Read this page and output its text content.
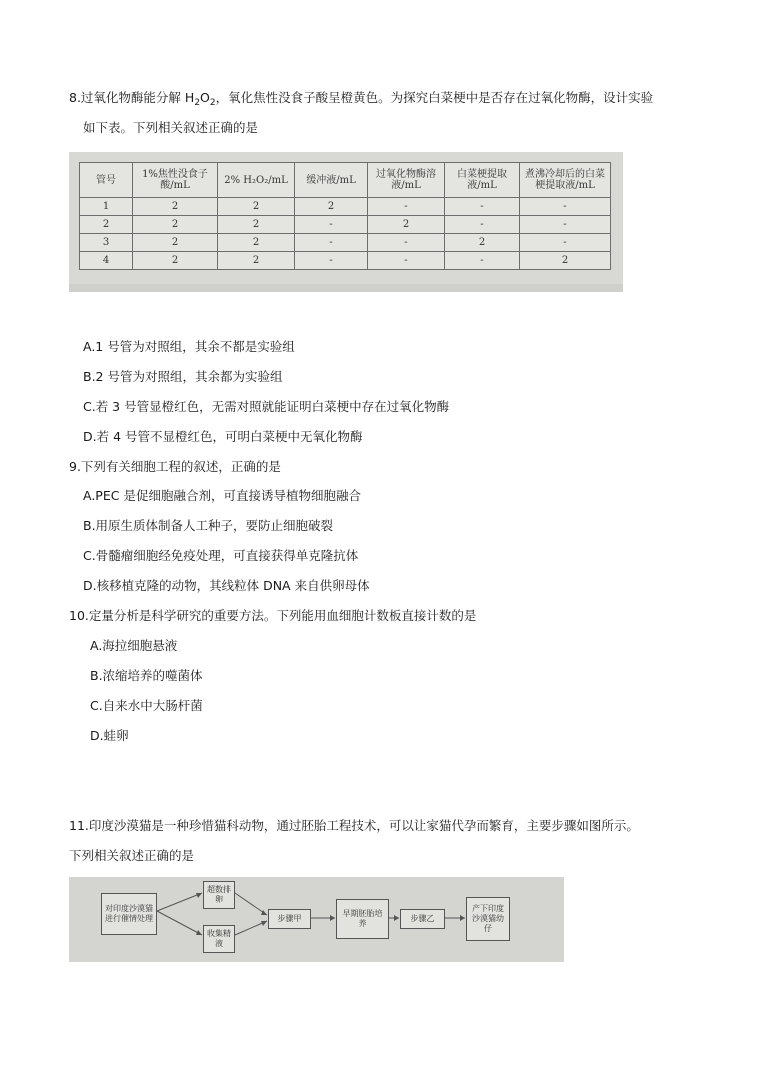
8.过氧化物酶能分解 $H_2O_2$，氧化焦性没食子酸呈橙黄色。为探究白菜梗中是否存在过氧化物酶，设计实验
如下表。下列相关叙述正确的是
管号	1%焦性没食子酸/mL	2% H₂O₂/mL	缓冲液/mL	过氧化物酶溶液/mL	白菜梗提取液/mL	煮沸冷却后的白菜梗提取液/mL
1	2	2	2	-	-	-
2	2	2	-	2	-	-
3	2	2	-	-	2	-
4	2	2	-	-	-	2
A.1 号管为对照组，其余不都是实验组
B.2 号管为对照组，其余都为实验组
C.若 3 号管显橙红色，无需对照就能证明白菜梗中存在过氧化物酶
D.若 4 号管不显橙红色，可明白菜梗中无氧化物酶
9.下列有关细胞工程的叙述，正确的是
A.PEC 是促细胞融合剂，可直接诱导植物细胞融合
B.用原生质体制备人工种子，要防止细胞破裂
C.骨髓瘤细胞经免疫处理，可直接获得单克隆抗体
D.核移植克隆的动物，其线粒体 DNA 来自供卵母体
10.定量分析是科学研究的重要方法。下列能用血细胞计数板直接计数的是
A.海拉细胞悬液
B.浓缩培养的噬菌体
C.自来水中大肠杆菌
D.蛙卵
11.印度沙漠猫是一种珍惜猫科动物，通过胚胎工程技术，可以让家猫代孕而繁育，主要步骤如图所示。
下列相关叙述正确的是
对印度沙漠猫进行催情处理
超数排卵
收集精液
步骤甲
早期胚胎培养
步骤乙
产下印度沙漠猫幼仔
